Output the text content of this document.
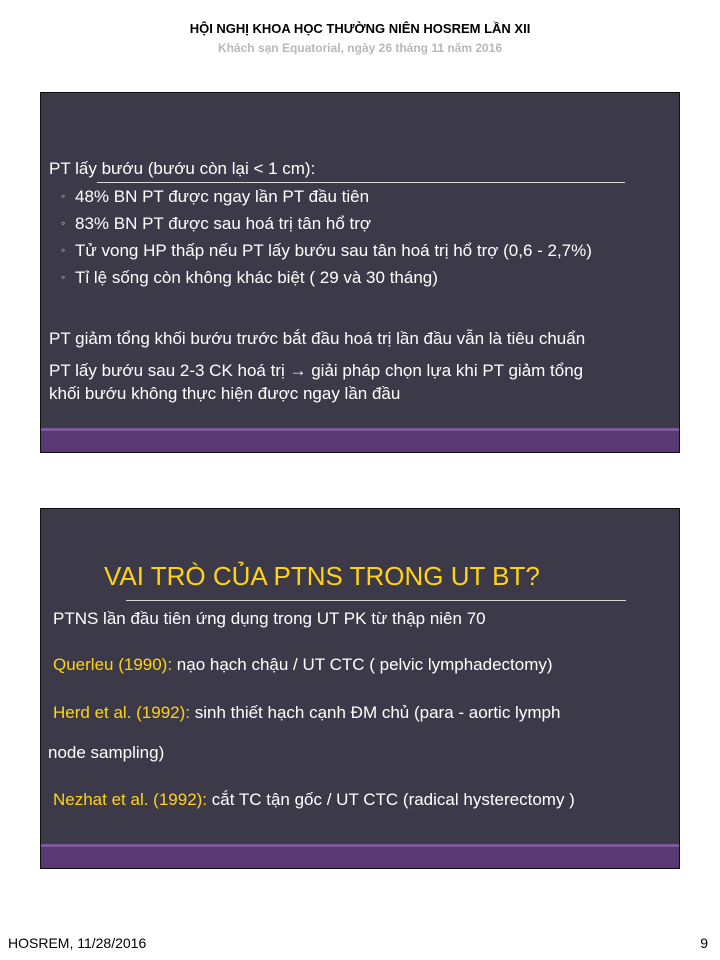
HỘI NGHỊ KHOA HỌC THƯỜNG NIÊN HOSREM LẦN XII
Khách sạn Equatorial, ngày 26 tháng 11 năm 2016
PT lấy bướu (bướu còn lại < 1 cm):
◦ 48% BN PT được ngay lần PT đầu tiên
◦ 83% BN PT được sau hoá trị tân hổ trợ
◦ Tử vong HP thấp nếu PT lấy bướu sau tân hoá trị hổ trợ (0,6 - 2,7%)
◦ Tỉ lệ sống còn không khác biệt ( 29 và 30 tháng)
PT giảm tổng khối bướu trước bắt đầu hoá trị lần đầu vẫn là tiêu chuẩn
PT lấy bướu sau 2-3 CK hoá trị → giải pháp chọn lựa khi PT giảm tổng
khối bướu không thực hiện được ngay lần đầu
VAI TRÒ CỦA PTNS TRONG UT BT?
PTNS lần đầu tiên ứng dụng trong UT PK từ thập niên 70
Querleu (1990): nạo hạch chậu / UT CTC ( pelvic lymphadectomy)
Herd et al. (1992): sinh thiết hạch cạnh ĐM chủ (para - aortic lymph
node sampling)
Nezhat et al. (1992): cắt TC tận gốc / UT CTC (radical hysterectomy )
HOSREM, 11/28/2016	9
